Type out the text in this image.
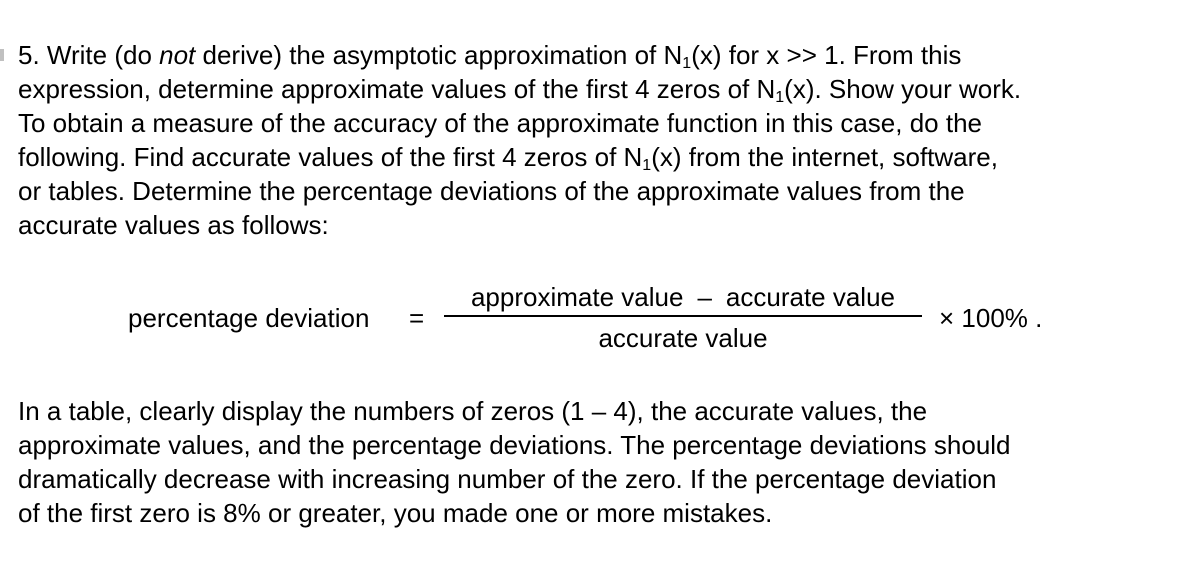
5. Write (do not derive) the asymptotic approximation of $N_1(x)$ for x >> 1. From this
expression, determine approximate values of the first 4 zeros of $N_1(x)$. Show your work.
To obtain a measure of the accuracy of the approximate function in this case, do the
following. Find accurate values of the first 4 zeros of $N_1(x)$ from the internet, software,
or tables. Determine the percentage deviations of the approximate values from the
accurate values as follows:
percentage deviation =
approximate value – accurate value
accurate value
× 100% .
In a table, clearly display the numbers of zeros (1 – 4), the accurate values, the
approximate values, and the percentage deviations. The percentage deviations should
dramatically decrease with increasing number of the zero. If the percentage deviation
of the first zero is 8% or greater, you made one or more mistakes.
